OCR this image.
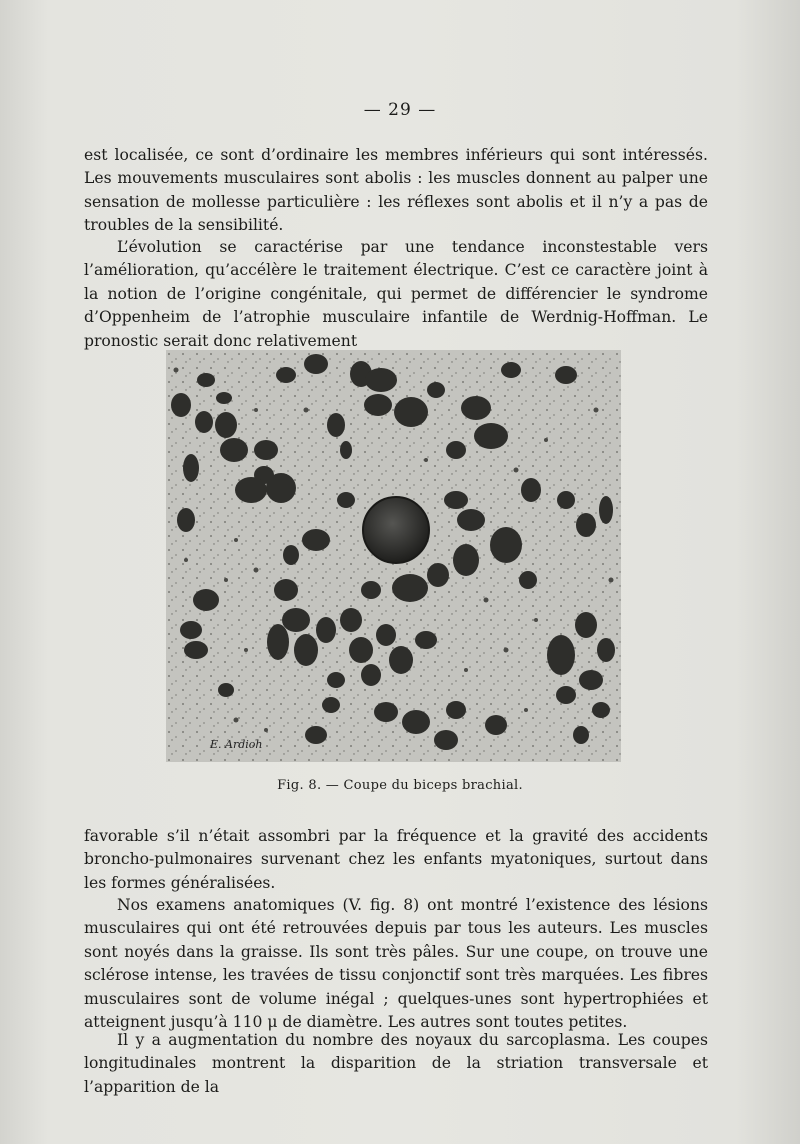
— 29 —

est localisée, ce sont d’ordinaire les membres inférieurs qui sont intéressés. Les mouvements musculaires sont abolis : les muscles donnent au palper une sensation de mollesse particulière : les réflexes sont abolis et il n’y a pas de troubles de la sensibilité.

L’évolution se caractérise par une tendance inconstestable vers l’amélioration, qu’accélère le traitement électrique. C’est ce caractère joint à la notion de l’origine congénitale, qui permet de différencier le syndrome d’Oppenheim de l’atrophie musculaire infantile de Werdnig-Hoffman. Le pronostic serait donc relativement

E. Ardioh
Fig. 8. — Coupe du biceps brachial.

favorable s’il n’était assombri par la fréquence et la gravité des accidents broncho-pulmonaires survenant chez les enfants myatoniques, surtout dans les formes généralisées.

Nos examens anatomiques (V. fig. 8) ont montré l’existence des lésions musculaires qui ont été retrouvées depuis par tous les auteurs. Les muscles sont noyés dans la graisse. Ils sont très pâles. Sur une coupe, on trouve une sclérose intense, les travées de tissu conjonctif sont très marquées. Les fibres musculaires sont de volume inégal ; quelques-unes sont hypertrophiées et atteignent jusqu’à 110 μ de diamètre. Les autres sont toutes petites.

Il y a augmentation du nombre des noyaux du sarcoplasma. Les coupes longitudinales montrent la disparition de la striation transversale et l’apparition de la
